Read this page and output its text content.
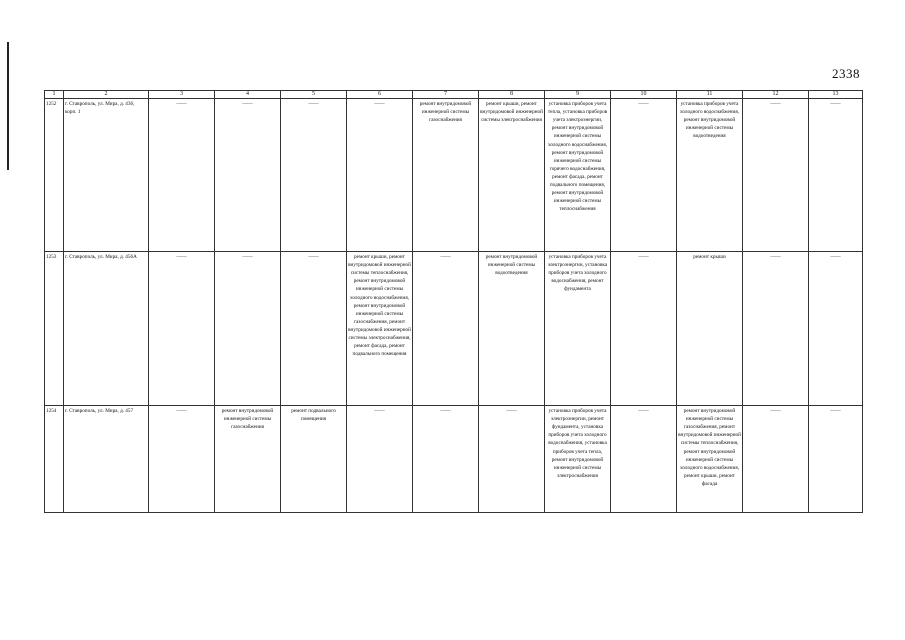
2338
1	2	3	4	5	6	7	8	9	10	11	12	13
1252	г. Ставрополь, ул. Мира, д. 436, корп. 1	——	——	——	——	ремонт внутридомовой инженерной системы газоснабжения	ремонт крыши, ремонт внутридомовой инженерной системы электроснабжения	установка приборов учета тепла, установка приборов учета электроэнергии, ремонт внутридомовой инженерной системы холодного водоснабжения, ремонт внутридомовой инженерной системы горячего водоснабжения, ремонт фасада, ремонт подвального помещения, ремонт внутридомовой инженерной системы теплоснабжения	——	установка приборов учета холодного водоснабжения, ремонт внутридомовой инженерной системы водоотведения	——	——
1253	г. Ставрополь, ул. Мира, д. 456А	——	——	——	ремонт крыши, ремонт внутридомовой инженерной системы теплоснабжения, ремонт внутридомовой инженерной системы холодного водоснабжения, ремонт внутридомовой инженерной системы газоснабжения, ремонт внутридомовой инженерной системы электроснабжения, ремонт фасада, ремонт подвального помещения	——	ремонт внутридомовой инженерной системы водоотведения	установка приборов учета электроэнергии, установка приборов учета холодного водоснабжения, ремонт фундамента	——	ремонт крыши	——	——
1254	г. Ставрополь, ул. Мира, д. 457	——	ремонт внутридомовой инженерной системы газоснабжения	ремонт подвального помещения	——	——	——	установка приборов учета электроэнергии, ремонт фундамента, установка приборов учета холодного водоснабжения, установка приборов учета тепла, ремонт внутридомовой инженерной системы электроснабжения	——	ремонт внутридомовой инженерной системы газоснабжения, ремонт внутридомовой инженерной системы теплоснабжения, ремонт внутридомовой инженерной системы холодного водоснабжения, ремонт крыши, ремонт фасада	——	——
